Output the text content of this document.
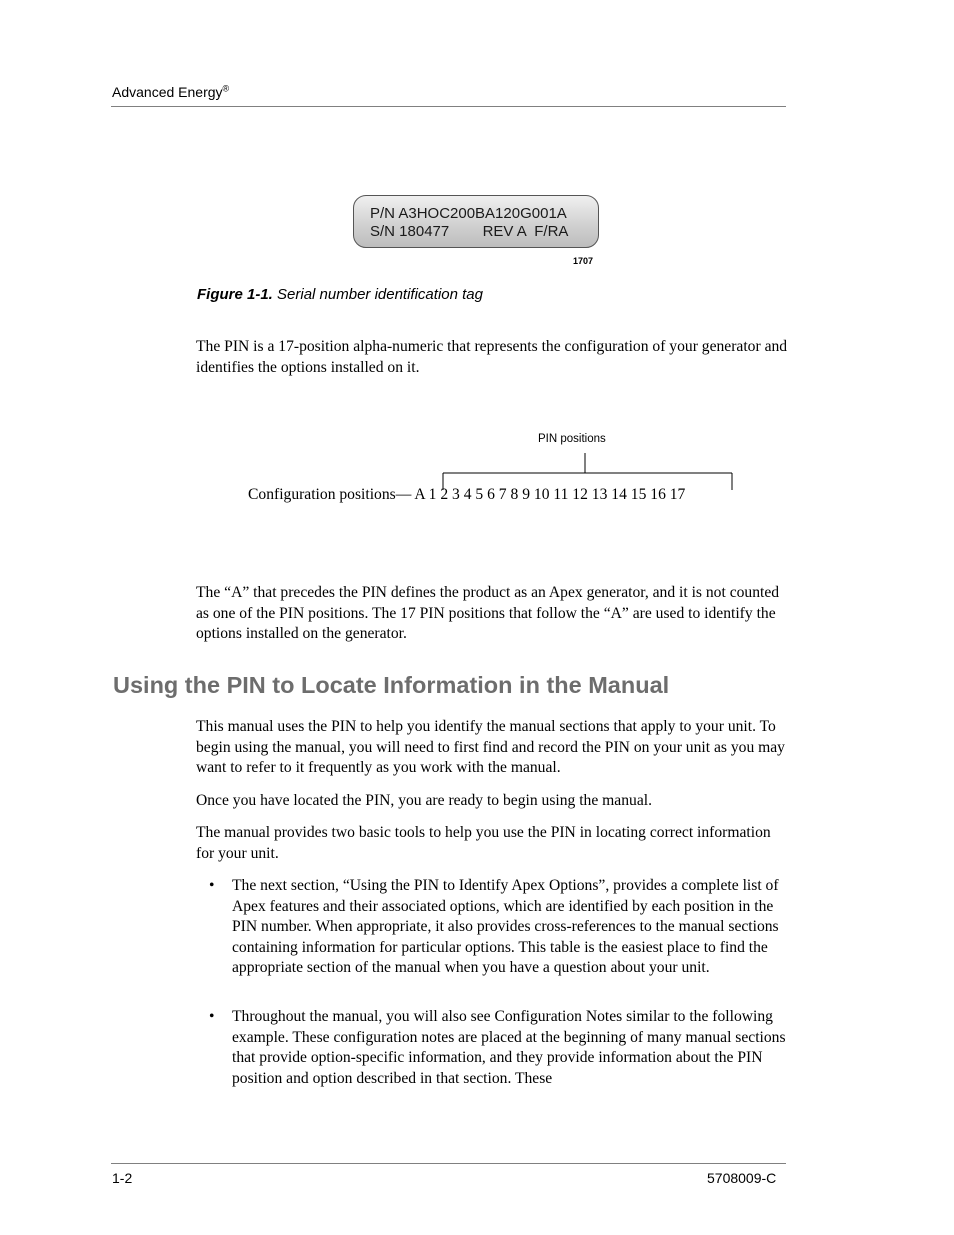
Advanced Energy®
P/N A3HOC200BA120G001A
S/N 180477        REV A  F/RA
1707
Figure 1-1. Serial number identification tag
The PIN is a 17-position alpha-numeric that represents the configuration of your generator and identifies the options installed on it.
PIN positions
Configuration positions— A 1 2 3 4 5 6 7 8 9 10 11 12 13 14 15 16 17
The “A” that precedes the PIN defines the product as an Apex generator, and it is not counted as one of the PIN positions. The 17 PIN positions that follow the “A” are used to identify the options installed on the generator.
Using the PIN to Locate Information in the Manual
This manual uses the PIN to help you identify the manual sections that apply to your unit. To begin using the manual, you will need to first find and record the PIN on your unit as you may want to refer to it frequently as you work with the manual.
Once you have located the PIN, you are ready to begin using the manual.
The manual provides two basic tools to help you use the PIN in locating correct information for your unit.
• The next section, “Using the PIN to Identify Apex Options”, provides a complete list of Apex features and their associated options, which are identified by each position in the PIN number. When appropriate, it also provides cross-references to the manual sections containing information for particular options. This table is the easiest place to find the appropriate section of the manual when you have a question about your unit.
• Throughout the manual, you will also see Configuration Notes similar to the following example. These configuration notes are placed at the beginning of many manual sections that provide option-specific information, and they provide information about the PIN position and option described in that section. These
1-2	5708009-C
